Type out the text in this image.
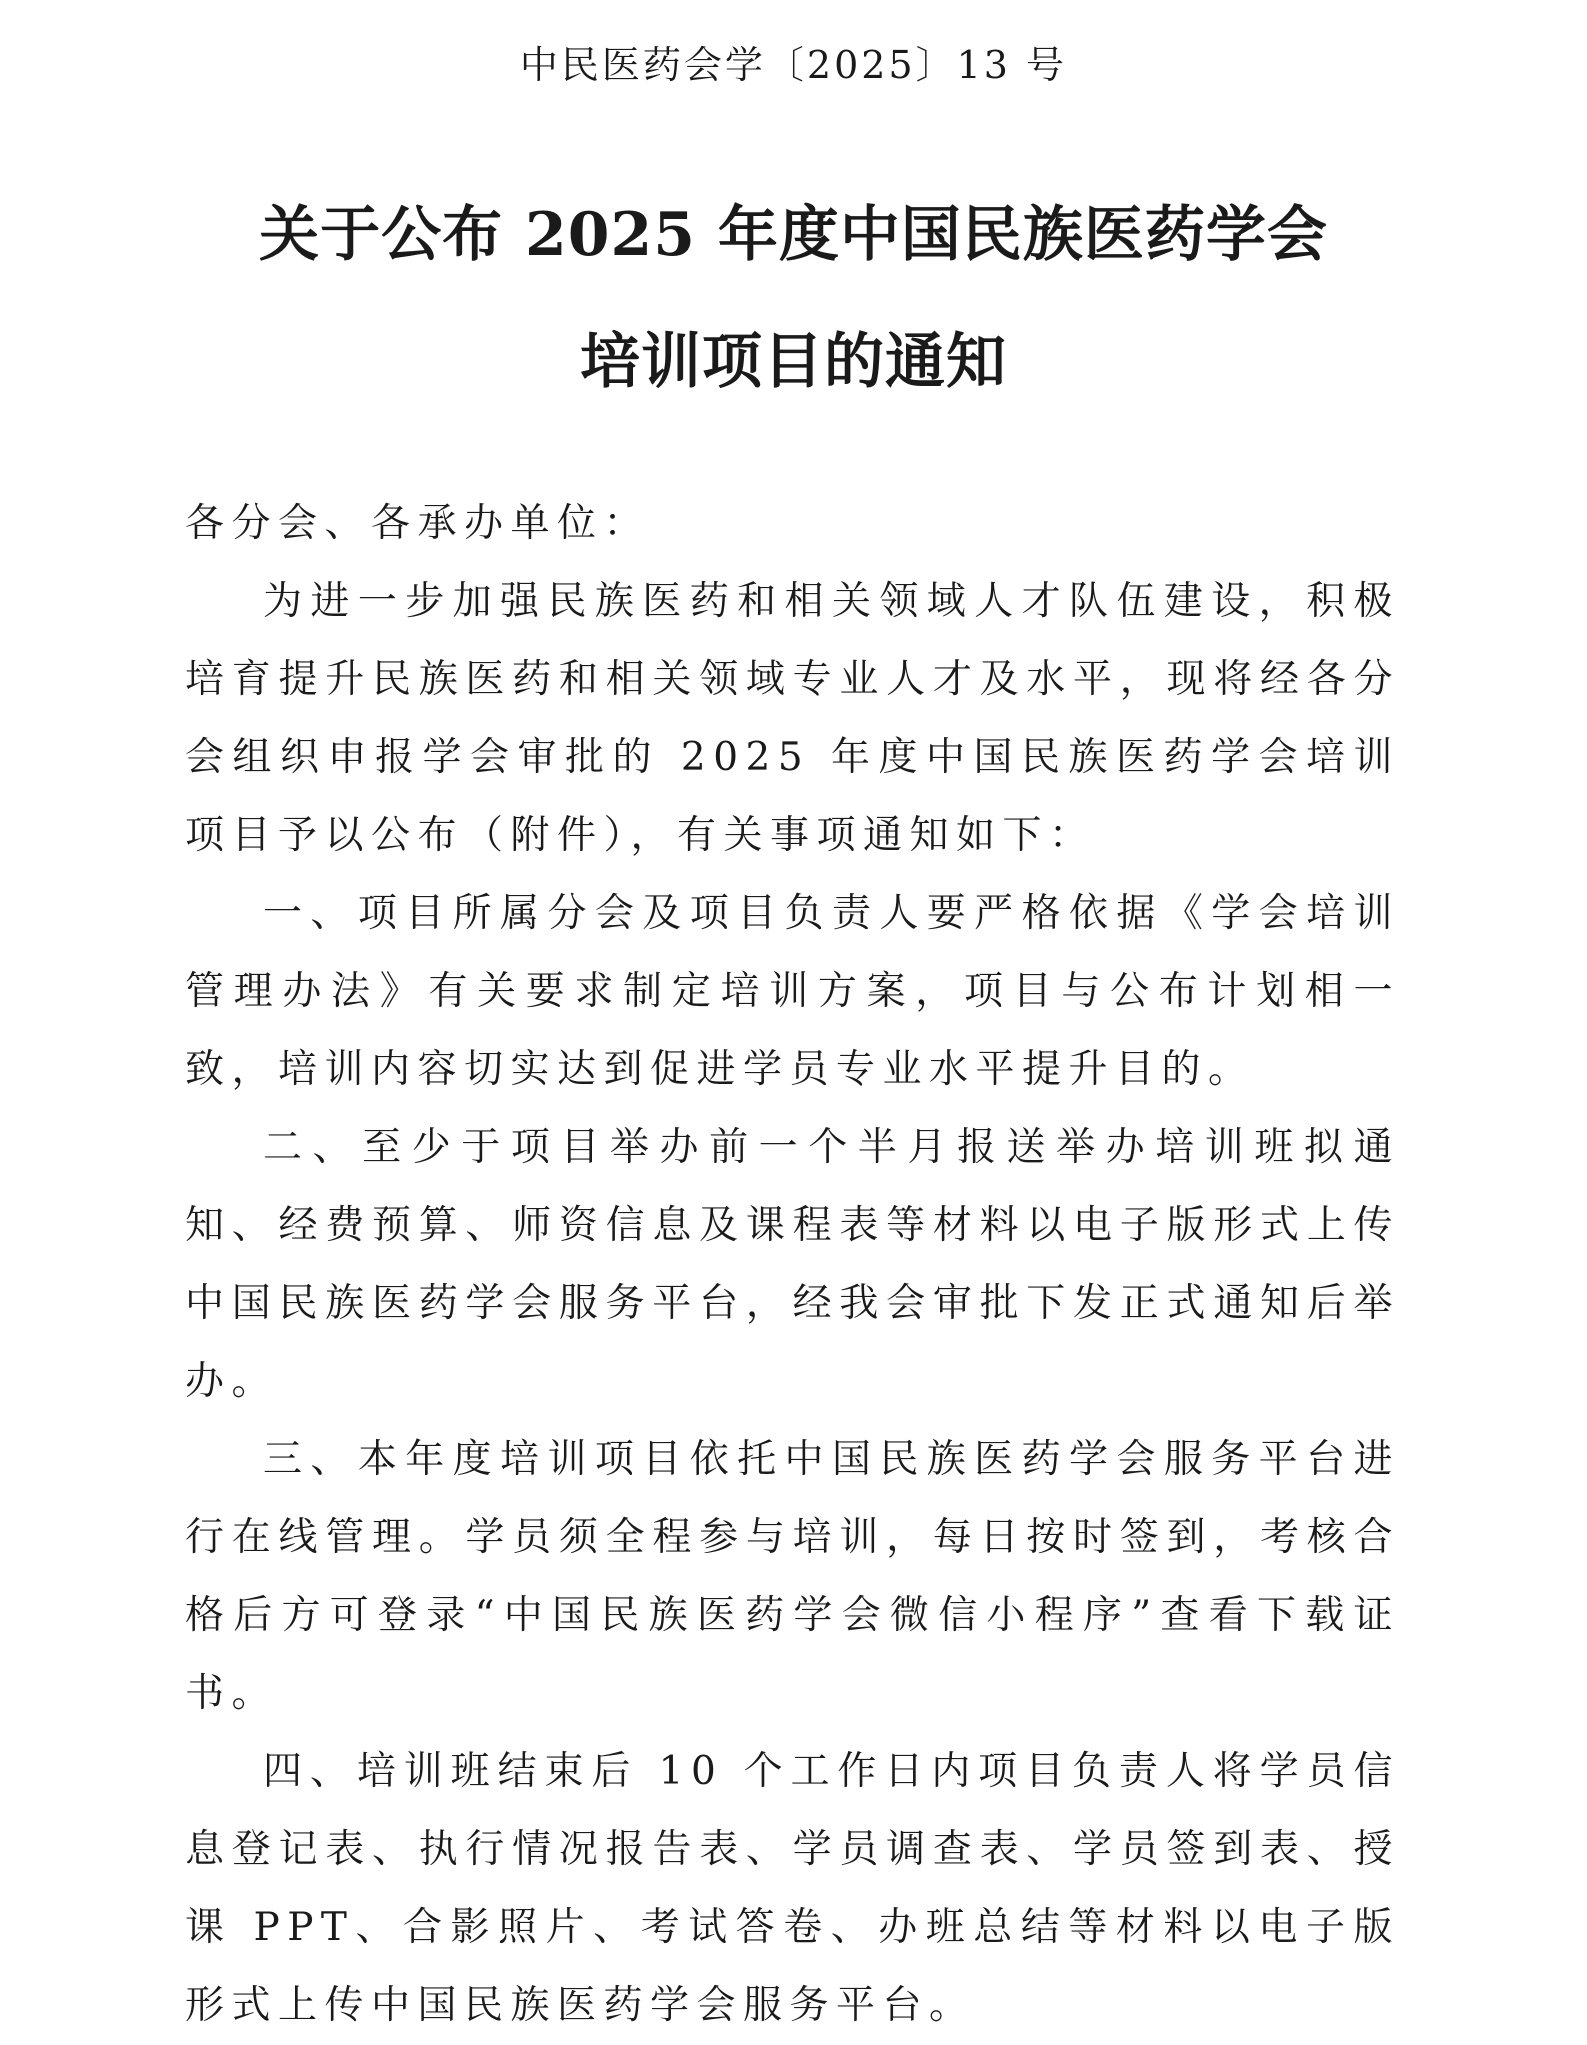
中民医药会学〔2025〕13 号
关于公布 2025 年度中国民族医药学会
培训项目的通知

各分会、各承办单位：

为进一步加强民族医药和相关领域人才队伍建设，积极培育提升民族医药和相关领域专业人才及水平，现将经各分会组织申报学会审批的 2025 年度中国民族医药学会培训项目予以公布（附件），有关事项通知如下：

一、项目所属分会及项目负责人要严格依据《学会培训管理办法》有关要求制定培训方案，项目与公布计划相一致，培训内容切实达到促进学员专业水平提升目的。

二、至少于项目举办前一个半月报送举办培训班拟通知、经费预算、师资信息及课程表等材料以电子版形式上传中国民族医药学会服务平台，经我会审批下发正式通知后举办。

三、本年度培训项目依托中国民族医药学会服务平台进行在线管理。学员须全程参与培训，每日按时签到，考核合格后方可登录“中国民族医药学会微信小程序”查看下载证书。

四、培训班结束后 10 个工作日内项目负责人将学员信息登记表、执行情况报告表、学员调查表、学员签到表、授课 PPT、合影照片、考试答卷、办班总结等材料以电子版形式上传中国民族医药学会服务平台。
